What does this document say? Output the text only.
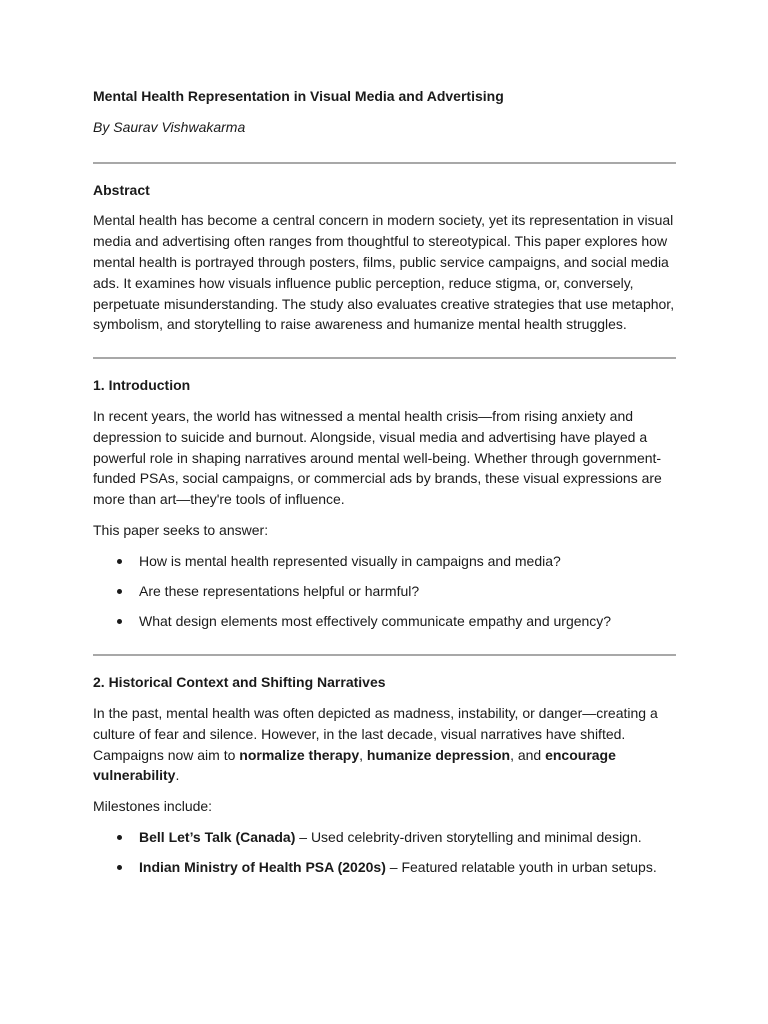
Mental Health Representation in Visual Media and Advertising

By Saurav Vishwakarma

Abstract

Mental health has become a central concern in modern society, yet its representation in visual media and advertising often ranges from thoughtful to stereotypical. This paper explores how mental health is portrayed through posters, films, public service campaigns, and social media ads. It examines how visuals influence public perception, reduce stigma, or, conversely, perpetuate misunderstanding. The study also evaluates creative strategies that use metaphor, symbolism, and storytelling to raise awareness and humanize mental health struggles.

1. Introduction

In recent years, the world has witnessed a mental health crisis—from rising anxiety and depression to suicide and burnout. Alongside, visual media and advertising have played a powerful role in shaping narratives around mental well-being. Whether through government-funded PSAs, social campaigns, or commercial ads by brands, these visual expressions are more than art—they're tools of influence.

This paper seeks to answer:

How is mental health represented visually in campaigns and media?
Are these representations helpful or harmful?
What design elements most effectively communicate empathy and urgency?

2. Historical Context and Shifting Narratives

In the past, mental health was often depicted as madness, instability, or danger—creating a culture of fear and silence. However, in the last decade, visual narratives have shifted. Campaigns now aim to normalize therapy, humanize depression, and encourage vulnerability.

Milestones include:

Bell Let’s Talk (Canada) – Used celebrity-driven storytelling and minimal design.
Indian Ministry of Health PSA (2020s) – Featured relatable youth in urban setups.
